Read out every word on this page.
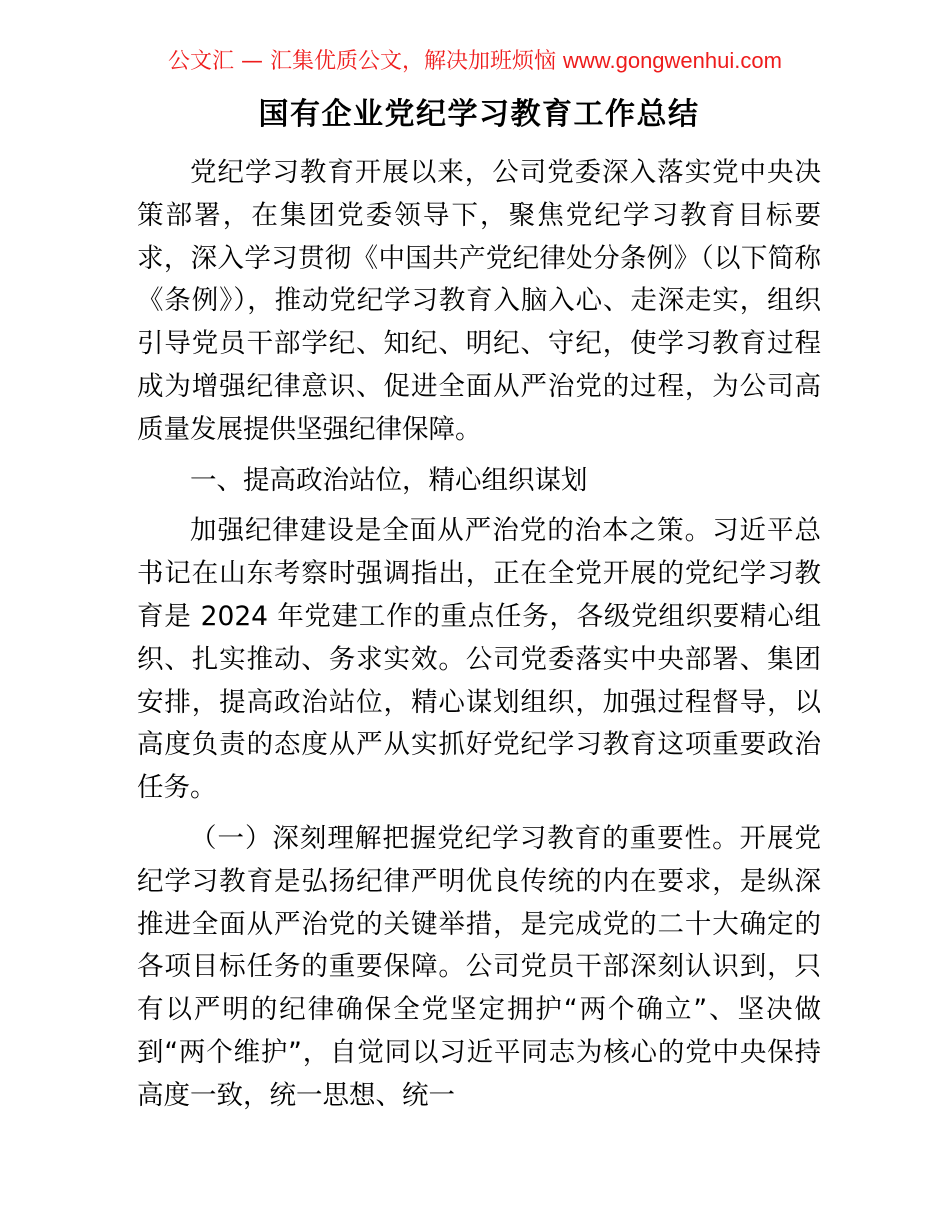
公文汇 — 汇集优质公文，解决加班烦恼 www.gongwenhui.com
国有企业党纪学习教育工作总结

党纪学习教育开展以来，公司党委深入落实党中央决策部署，在集团党委领导下，聚焦党纪学习教育目标要求，深入学习贯彻《中国共产党纪律处分条例》（以下简称《条例》），推动党纪学习教育入脑入心、走深走实，组织引导党员干部学纪、知纪、明纪、守纪，使学习教育过程成为增强纪律意识、促进全面从严治党的过程，为公司高质量发展提供坚强纪律保障。

一、提高政治站位，精心组织谋划

加强纪律建设是全面从严治党的治本之策。习近平总书记在山东考察时强调指出，正在全党开展的党纪学习教育是 2024 年党建工作的重点任务，各级党组织要精心组织、扎实推动、务求实效。公司党委落实中央部署、集团安排，提高政治站位，精心谋划组织，加强过程督导，以高度负责的态度从严从实抓好党纪学习教育这项重要政治任务。

（一）深刻理解把握党纪学习教育的重要性。开展党纪学习教育是弘扬纪律严明优良传统的内在要求，是纵深推进全面从严治党的关键举措，是完成党的二十大确定的各项目标任务的重要保障。公司党员干部深刻认识到，只有以严明的纪律确保全党坚定拥护“两个确立”、坚决做到“两个维护”，自觉同以习近平同志为核心的党中央保持高度一致，统一思想、统一
